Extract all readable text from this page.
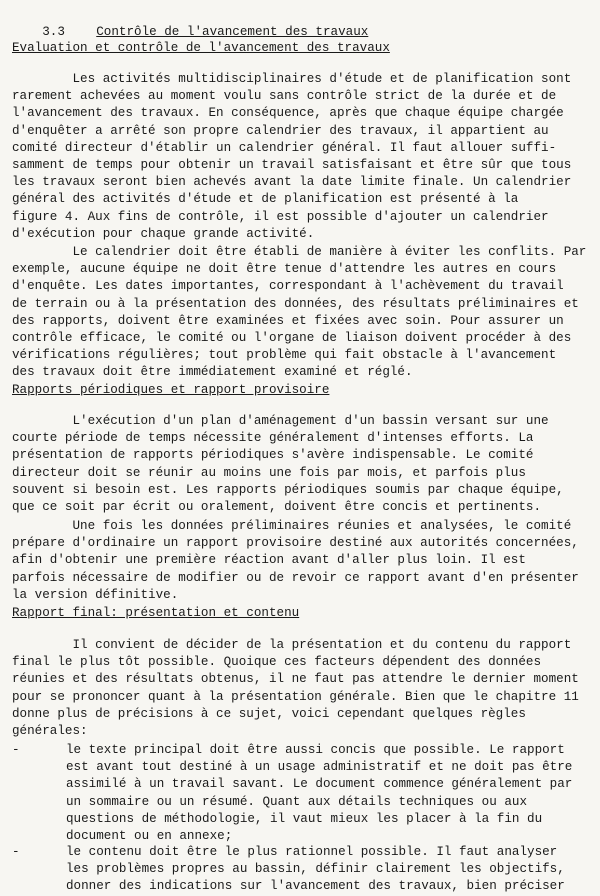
3.3 Contrôle de l'avancement des travaux

Evaluation et contrôle de l'avancement des travaux
Les activités multidisciplinaires d'étude et de planification sont
rarement achevées au moment voulu sans contrôle strict de la durée et de
l'avancement des travaux. En conséquence, après que chaque équipe chargée
d'enquêter a arrêté son propre calendrier des travaux, il appartient au
comité directeur d'établir un calendrier général. Il faut allouer suffi-
samment de temps pour obtenir un travail satisfaisant et être sûr que tous
les travaux seront bien achevés avant la date limite finale. Un calendrier
général des activités d'étude et de planification est présenté à la
figure 4. Aux fins de contrôle, il est possible d'ajouter un calendrier
d'exécution pour chaque grande activité.
Le calendrier doit être établi de manière à éviter les conflits. Par
exemple, aucune équipe ne doit être tenue d'attendre les autres en cours
d'enquête. Les dates importantes, correspondant à l'achèvement du travail
de terrain ou à la présentation des données, des résultats préliminaires et
des rapports, doivent être examinées et fixées avec soin. Pour assurer un
contrôle efficace, le comité ou l'organe de liaison doivent procéder à des
vérifications régulières; tout problème qui fait obstacle à l'avancement
des travaux doit être immédiatement examiné et réglé.
Rapports périodiques et rapport provisoire
L'exécution d'un plan d'aménagement d'un bassin versant sur une
courte période de temps nécessite généralement d'intenses efforts. La
présentation de rapports périodiques s'avère indispensable. Le comité
directeur doit se réunir au moins une fois par mois, et parfois plus
souvent si besoin est. Les rapports périodiques soumis par chaque équipe,
que ce soit par écrit ou oralement, doivent être concis et pertinents.
Une fois les données préliminaires réunies et analysées, le comité
prépare d'ordinaire un rapport provisoire destiné aux autorités concernées,
afin d'obtenir une première réaction avant d'aller plus loin. Il est
parfois nécessaire de modifier ou de revoir ce rapport avant d'en présenter
la version définitive.
Rapport final: présentation et contenu
Il convient de décider de la présentation et du contenu du rapport
final le plus tôt possible. Quoique ces facteurs dépendent des données
réunies et des résultats obtenus, il ne faut pas attendre le dernier moment
pour se prononcer quant à la présentation générale. Bien que le chapitre 11
donne plus de précisions à ce sujet, voici cependant quelques règles
générales:
-	le texte principal doit être aussi concis que possible. Le rapport
est avant tout destiné à un usage administratif et ne doit pas être
assimilé à un travail savant. Le document commence généralement par
un sommaire ou un résumé. Quant aux détails techniques ou aux
questions de méthodologie, il vaut mieux les placer à la fin du
document ou en annexe;
-	le contenu doit être le plus rationnel possible. Il faut analyser
les problèmes propres au bassin, définir clairement les objectifs,
donner des indications sur l'avancement des travaux, bien préciser
